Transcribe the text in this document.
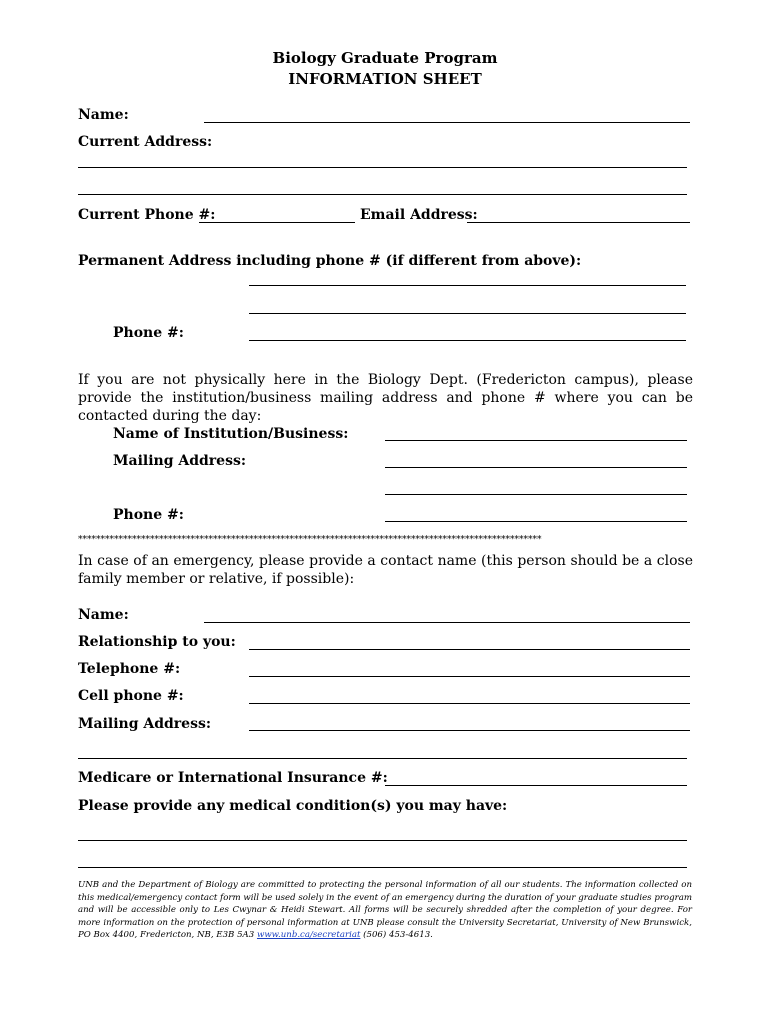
Biology Graduate Program
INFORMATION SHEET
Name:
Current Address:
Current Phone #:	Email Address:
Permanent Address including phone # (if different from above):
Phone #:
If you are not physically here in the Biology Dept. (Fredericton campus), please provide the institution/business mailing address and phone # where you can be contacted during the day:
Name of Institution/Business:
Mailing Address:
Phone #:
*******************************************************************************************************
In case of an emergency, please provide a contact name (this person should be a close family member or relative, if possible):
Name:
Relationship to you:
Telephone #:
Cell phone #:
Mailing Address:
Medicare or International Insurance #:
Please provide any medical condition(s) you may have:
UNB and the Department of Biology are committed to protecting the personal information of all our students. The information collected on this medical/emergency contact form will be used solely in the event of an emergency during the duration of your graduate studies program and will be accessible only to Les Cwynar & Heidi Stewart. All forms will be securely shredded after the completion of your degree. For more information on the protection of personal information at UNB please consult the University Secretariat, University of New Brunswick, PO Box 4400, Fredericton, NB, E3B 5A3 www.unb.ca/secretariat (506) 453-4613.
